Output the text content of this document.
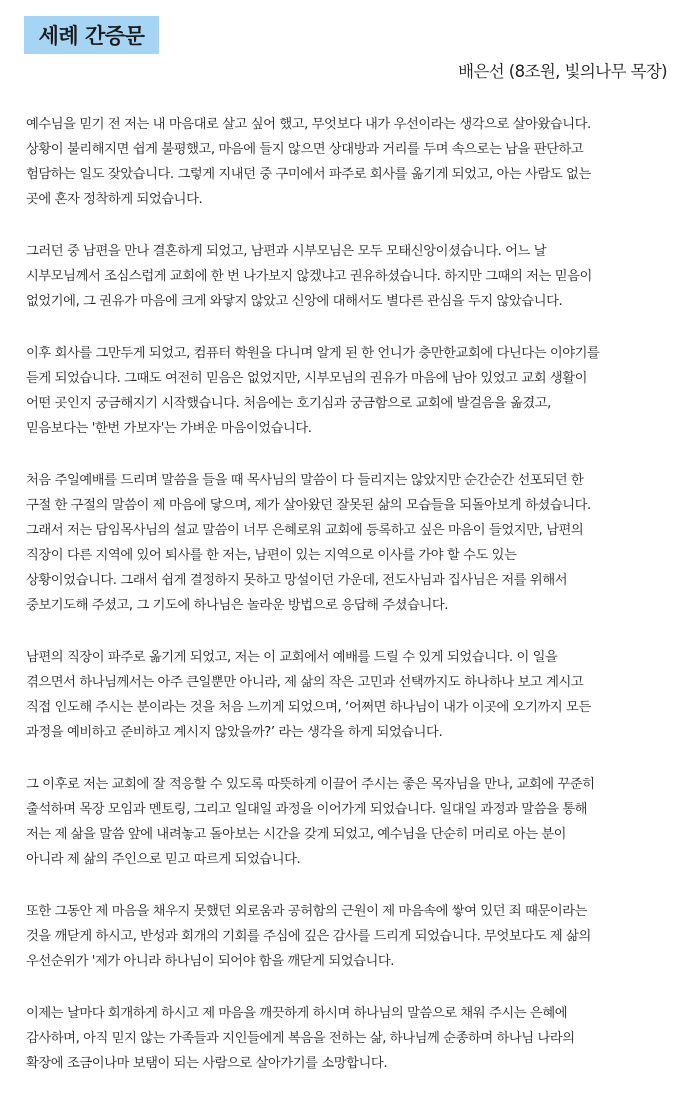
세례 간증문
배은선 (8조원, 빛의나무 목장)
예수님을 믿기 전 저는 내 마음대로 살고 싶어 했고, 무엇보다 내가 우선이라는 생각으로 살아왔습니다.
상황이 불리해지면 쉽게 불평했고, 마음에 들지 않으면 상대방과 거리를 두며 속으로는 남을 판단하고
험담하는 일도 잦았습니다. 그렇게 지내던 중 구미에서 파주로 회사를 옮기게 되었고, 아는 사람도 없는
곳에 혼자 정착하게 되었습니다.
그러던 중 남편을 만나 결혼하게 되었고, 남편과 시부모님은 모두 모태신앙이셨습니다. 어느 날
시부모님께서 조심스럽게 교회에 한 번 나가보지 않겠냐고 권유하셨습니다. 하지만 그때의 저는 믿음이
없었기에, 그 권유가 마음에 크게 와닿지 않았고 신앙에 대해서도 별다른 관심을 두지 않았습니다.
이후 회사를 그만두게 되었고, 컴퓨터 학원을 다니며 알게 된 한 언니가 충만한교회에 다닌다는 이야기를
듣게 되었습니다. 그때도 여전히 믿음은 없었지만, 시부모님의 권유가 마음에 남아 있었고 교회 생활이
어떤 곳인지 궁금해지기 시작했습니다. 처음에는 호기심과 궁금함으로 교회에 발걸음을 옮겼고,
믿음보다는 '한번 가보자'는 가벼운 마음이었습니다.
처음 주일예배를 드리며 말씀을 들을 때 목사님의 말씀이 다 들리지는 않았지만 순간순간 선포되던 한
구절 한 구절의 말씀이 제 마음에 닿으며, 제가 살아왔던 잘못된 삶의 모습들을 되돌아보게 하셨습니다.
그래서 저는 담임목사님의 설교 말씀이 너무 은혜로워 교회에 등록하고 싶은 마음이 들었지만, 남편의
직장이 다른 지역에 있어 퇴사를 한 저는, 남편이 있는 지역으로 이사를 가야 할 수도 있는
상황이었습니다. 그래서 쉽게 결정하지 못하고 망설이던 가운데, 전도사님과 집사님은 저를 위해서
중보기도해 주셨고, 그 기도에 하나님은 놀라운 방법으로 응답해 주셨습니다.
남편의 직장이 파주로 옮기게 되었고, 저는 이 교회에서 예배를 드릴 수 있게 되었습니다. 이 일을
겪으면서 하나님께서는 아주 큰일뿐만 아니라, 제 삶의 작은 고민과 선택까지도 하나하나 보고 계시고
직접 인도해 주시는 분이라는 것을 처음 느끼게 되었으며, ‘어쩌면 하나님이 내가 이곳에 오기까지 모든
과정을 예비하고 준비하고 계시지 않았을까?’ 라는 생각을 하게 되었습니다.
그 이후로 저는 교회에 잘 적응할 수 있도록 따뜻하게 이끌어 주시는 좋은 목자님을 만나, 교회에 꾸준히
출석하며 목장 모임과 멘토링, 그리고 일대일 과정을 이어가게 되었습니다. 일대일 과정과 말씀을 통해
저는 제 삶을 말씀 앞에 내려놓고 돌아보는 시간을 갖게 되었고, 예수님을 단순히 머리로 아는 분이
아니라 제 삶의 주인으로 믿고 따르게 되었습니다.
또한 그동안 제 마음을 채우지 못했던 외로움과 공허함의 근원이 제 마음속에 쌓여 있던 죄 때문이라는
것을 깨닫게 하시고, 반성과 회개의 기회를 주심에 깊은 감사를 드리게 되었습니다. 무엇보다도 제 삶의
우선순위가 '제가 아니라 하나님이 되어야 함을 깨닫게 되었습니다.
이제는 날마다 회개하게 하시고 제 마음을 깨끗하게 하시며 하나님의 말씀으로 채워 주시는 은혜에
감사하며, 아직 믿지 않는 가족들과 지인들에게 복음을 전하는 삶, 하나님께 순종하며 하나님 나라의
확장에 조금이나마 보탬이 되는 사람으로 살아가기를 소망합니다.
